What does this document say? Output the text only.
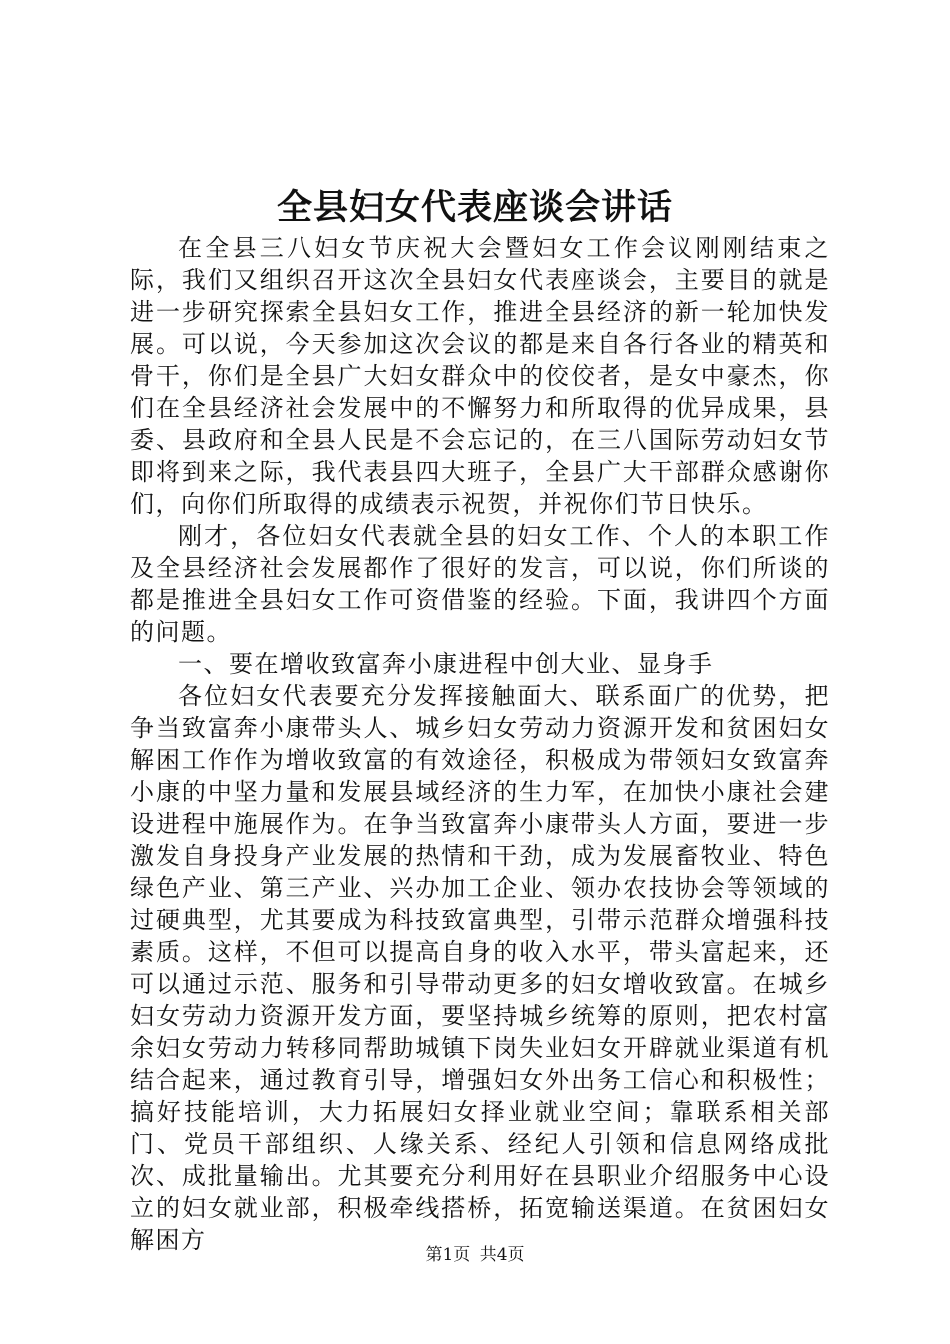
全县妇女代表座谈会讲话

在全县三八妇女节庆祝大会暨妇女工作会议刚刚结束之际，我们又组织召开这次全县妇女代表座谈会，主要目的就是进一步研究探索全县妇女工作，推进全县经济的新一轮加快发展。可以说，今天参加这次会议的都是来自各行各业的精英和骨干，你们是全县广大妇女群众中的佼佼者，是女中豪杰，你们在全县经济社会发展中的不懈努力和所取得的优异成果，县委、县政府和全县人民是不会忘记的，在三八国际劳动妇女节即将到来之际，我代表县四大班子，全县广大干部群众感谢你们，向你们所取得的成绩表示祝贺，并祝你们节日快乐。

刚才，各位妇女代表就全县的妇女工作、个人的本职工作及全县经济社会发展都作了很好的发言，可以说，你们所谈的都是推进全县妇女工作可资借鉴的经验。下面，我讲四个方面的问题。

一、要在增收致富奔小康进程中创大业、显身手

各位妇女代表要充分发挥接触面大、联系面广的优势，把争当致富奔小康带头人、城乡妇女劳动力资源开发和贫困妇女解困工作作为增收致富的有效途径，积极成为带领妇女致富奔小康的中坚力量和发展县域经济的生力军，在加快小康社会建设进程中施展作为。在争当致富奔小康带头人方面，要进一步激发自身投身产业发展的热情和干劲，成为发展畜牧业、特色绿色产业、第三产业、兴办加工企业、领办农技协会等领域的过硬典型，尤其要成为科技致富典型，引带示范群众增强科技素质。这样，不但可以提高自身的收入水平，带头富起来，还可以通过示范、服务和引导带动更多的妇女增收致富。在城乡妇女劳动力资源开发方面，要坚持城乡统筹的原则，把农村富余妇女劳动力转移同帮助城镇下岗失业妇女开辟就业渠道有机结合起来，通过教育引导，增强妇女外出务工信心和积极性；搞好技能培训，大力拓展妇女择业就业空间；靠联系相关部门、党员干部组织、人缘关系、经纪人引领和信息网络成批次、成批量输出。尤其要充分利用好在县职业介绍服务中心设立的妇女就业部，积极牵线搭桥，拓宽输送渠道。在贫困妇女解困方

第1页 共4页
